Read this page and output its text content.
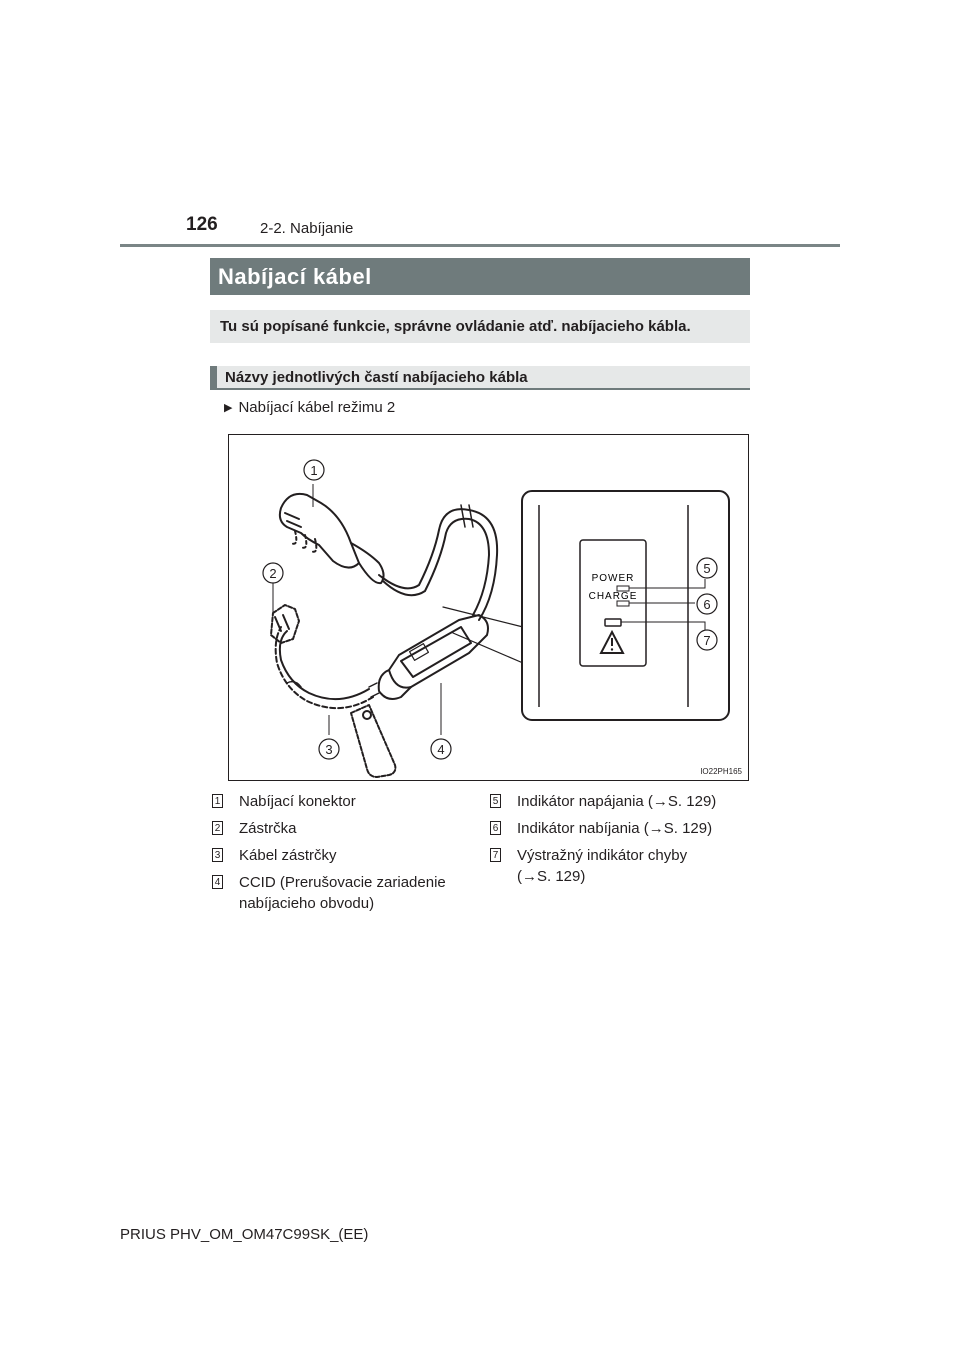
126	2-2. Nabíjanie
Nabíjací kábel
Tu sú popísané funkcie, správne ovládanie atď. nabíjacieho kábla.
Názvy jednotlivých častí nabíjacieho kábla
▶ Nabíjací kábel režimu 2
POWER
CHARGE
1
2
3	4
5
6
7
IO22PH165
1 Nabíjací konektor
2 Zástrčka
3 Kábel zástrčky
4 CCID (Prerušovacie zariadenie
nabíjacieho obvodu)
5 Indikátor napájania (→S. 129)
6 Indikátor nabíjania (→S. 129)
7 Výstražný indikátor chyby
(→S. 129)
PRIUS PHV_OM_OM47C99SK_(EE)
